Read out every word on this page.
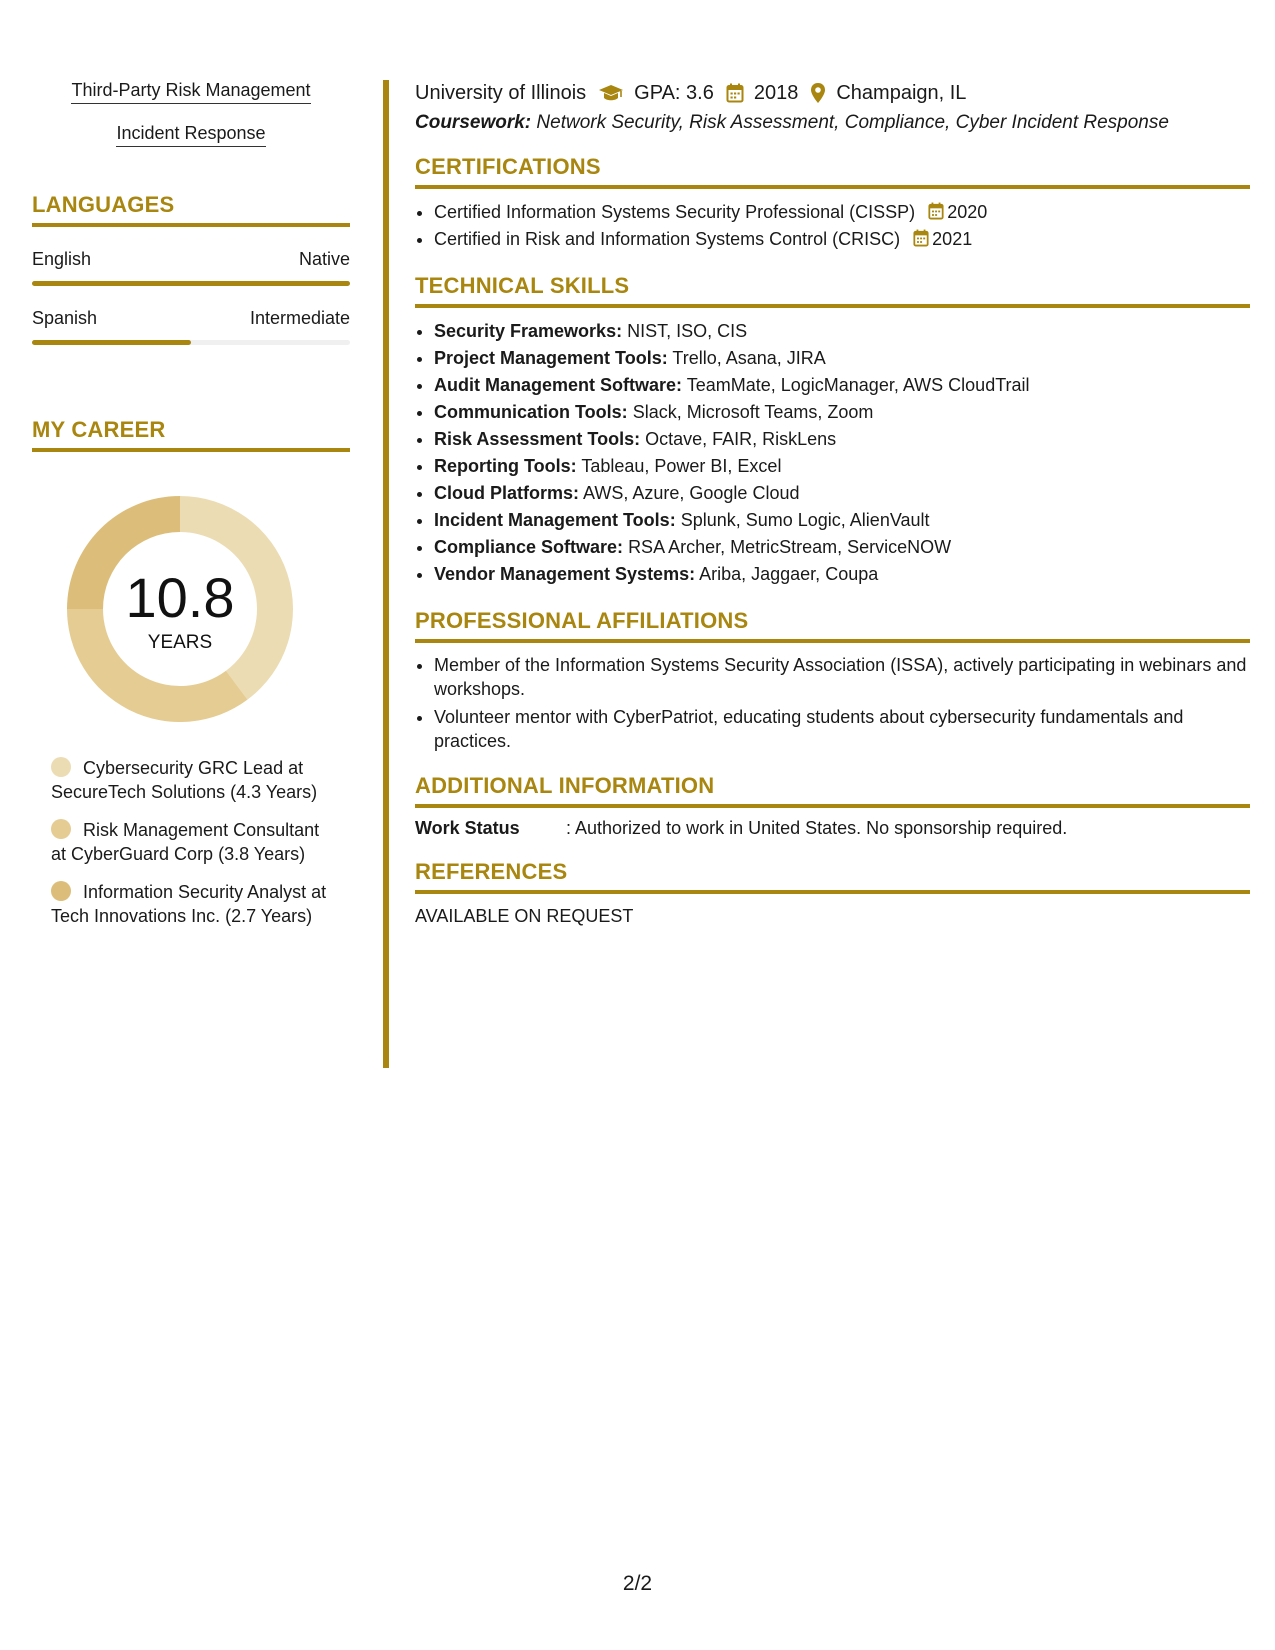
Third-Party Risk Management
Incident Response
LANGUAGES
English	Native
Spanish	Intermediate
MY CAREER
10.8
YEARS
Cybersecurity GRC Lead at SecureTech Solutions (4.3 Years)
Risk Management Consultant at CyberGuard Corp (3.8 Years)
Information Security Analyst at Tech Innovations Inc. (2.7 Years)
University of Illinois GPA: 3.6 2018 Champaign, IL
Coursework: Network Security, Risk Assessment, Compliance, Cyber Incident Response
CERTIFICATIONS
• Certified Information Systems Security Professional (CISSP) 2020
• Certified in Risk and Information Systems Control (CRISC) 2021
TECHNICAL SKILLS
• Security Frameworks: NIST, ISO, CIS
• Project Management Tools: Trello, Asana, JIRA
• Audit Management Software: TeamMate, LogicManager, AWS CloudTrail
• Communication Tools: Slack, Microsoft Teams, Zoom
• Risk Assessment Tools: Octave, FAIR, RiskLens
• Reporting Tools: Tableau, Power BI, Excel
• Cloud Platforms: AWS, Azure, Google Cloud
• Incident Management Tools: Splunk, Sumo Logic, AlienVault
• Compliance Software: RSA Archer, MetricStream, ServiceNOW
• Vendor Management Systems: Ariba, Jaggaer, Coupa
PROFESSIONAL AFFILIATIONS
• Member of the Information Systems Security Association (ISSA), actively participating in webinars and workshops.
• Volunteer mentor with CyberPatriot, educating students about cybersecurity fundamentals and practices.
ADDITIONAL INFORMATION
Work Status	: Authorized to work in United States. No sponsorship required.
REFERENCES
AVAILABLE ON REQUEST
2/2
